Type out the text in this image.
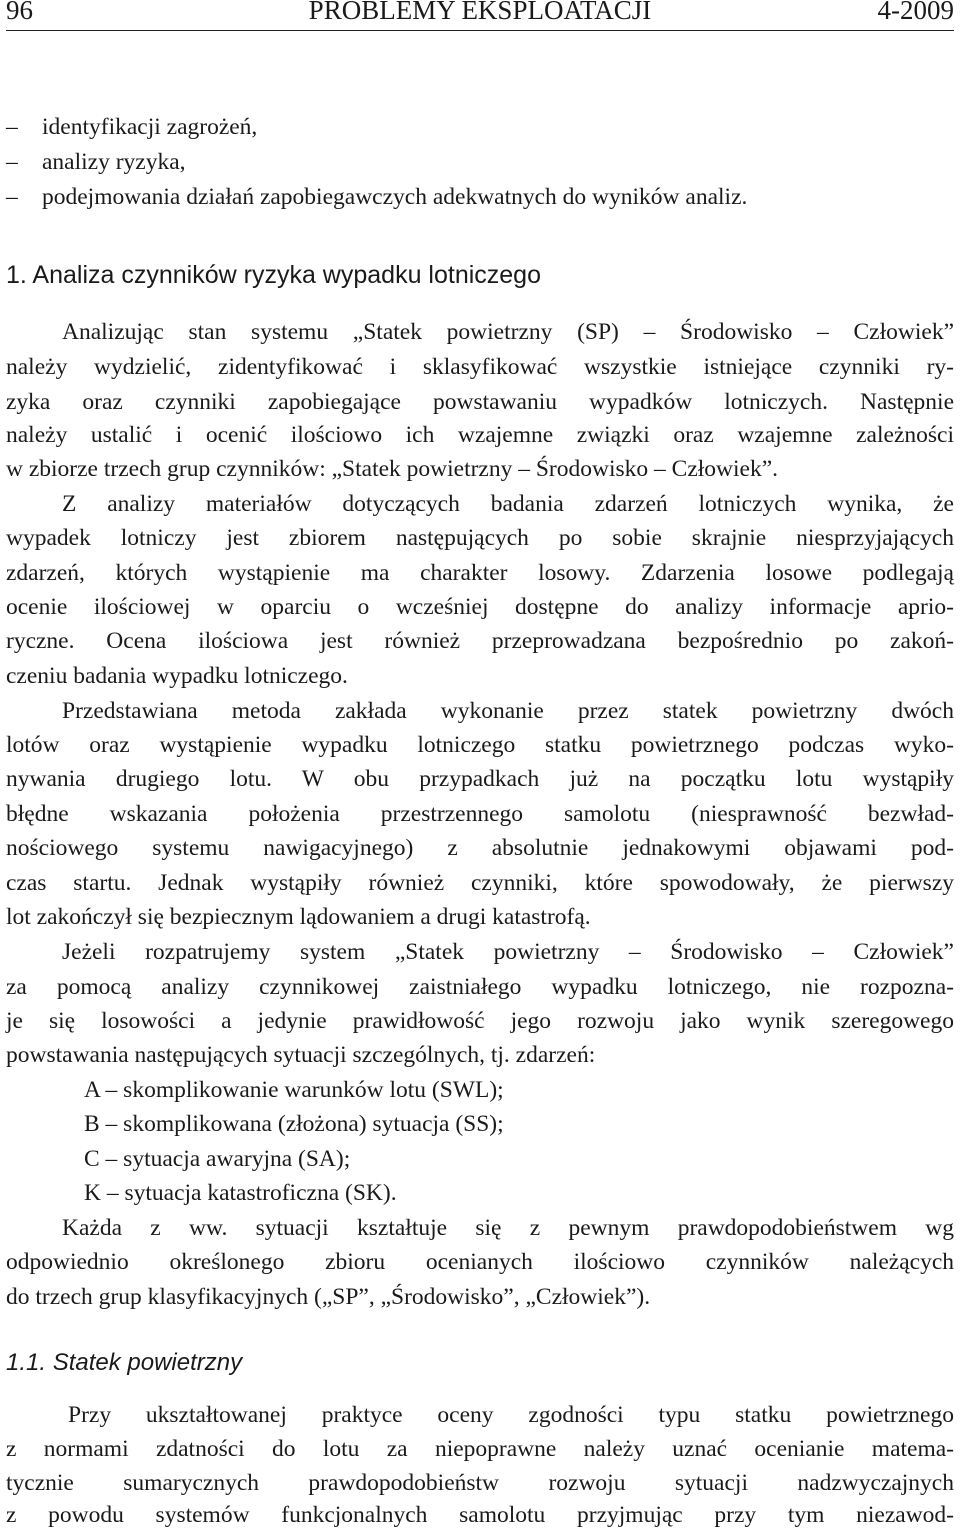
96	PROBLEMY EKSPLOATACJI	4-2009
– identyfikacji zagrożeń,
– analizy ryzyka,
– podejmowania działań zapobiegawczych adekwatnych do wyników analiz.
1. Analiza czynników ryzyka wypadku lotniczego
Analizując stan systemu „Statek powietrzny (SP) – Środowisko – Człowiek”
należy wydzielić, zidentyfikować i sklasyfikować wszystkie istniejące czynniki ry-
zyka oraz czynniki zapobiegające powstawaniu wypadków lotniczych. Następnie
należy ustalić i ocenić ilościowo ich wzajemne związki oraz wzajemne zależności
w zbiorze trzech grup czynników: „Statek powietrzny – Środowisko – Człowiek”.
Z analizy materiałów dotyczących badania zdarzeń lotniczych wynika, że
wypadek lotniczy jest zbiorem następujących po sobie skrajnie niesprzyjających
zdarzeń, których wystąpienie ma charakter losowy. Zdarzenia losowe podlegają
ocenie ilościowej w oparciu o wcześniej dostępne do analizy informacje aprio-
ryczne. Ocena ilościowa jest również przeprowadzana bezpośrednio po zakoń-
czeniu badania wypadku lotniczego.
Przedstawiana metoda zakłada wykonanie przez statek powietrzny dwóch
lotów oraz wystąpienie wypadku lotniczego statku powietrznego podczas wyko-
nywania drugiego lotu. W obu przypadkach już na początku lotu wystąpiły
błędne wskazania położenia przestrzennego samolotu (niesprawność bezwład-
nościowego systemu nawigacyjnego) z absolutnie jednakowymi objawami pod-
czas startu. Jednak wystąpiły również czynniki, które spowodowały, że pierwszy
lot zakończył się bezpiecznym lądowaniem a drugi katastrofą.
Jeżeli rozpatrujemy system „Statek powietrzny – Środowisko – Człowiek”
za pomocą analizy czynnikowej zaistniałego wypadku lotniczego, nie rozpozna-
je się losowości a jedynie prawidłowość jego rozwoju jako wynik szeregowego
powstawania następujących sytuacji szczególnych, tj. zdarzeń:
A – skomplikowanie warunków lotu (SWL);
B – skomplikowana (złożona) sytuacja (SS);
C – sytuacja awaryjna (SA);
K – sytuacja katastroficzna (SK).
Każda z ww. sytuacji kształtuje się z pewnym prawdopodobieństwem wg
odpowiednio określonego zbioru ocenianych ilościowo czynników należących
do trzech grup klasyfikacyjnych („SP”, „Środowisko”, „Człowiek”).
1.1. Statek powietrzny
Przy ukształtowanej praktyce oceny zgodności typu statku powietrznego
z normami zdatności do lotu za niepoprawne należy uznać ocenianie matema-
tycznie sumarycznych prawdopodobieństw rozwoju sytuacji nadzwyczajnych
z powodu systemów funkcjonalnych samolotu przyjmując przy tym niezawod-
